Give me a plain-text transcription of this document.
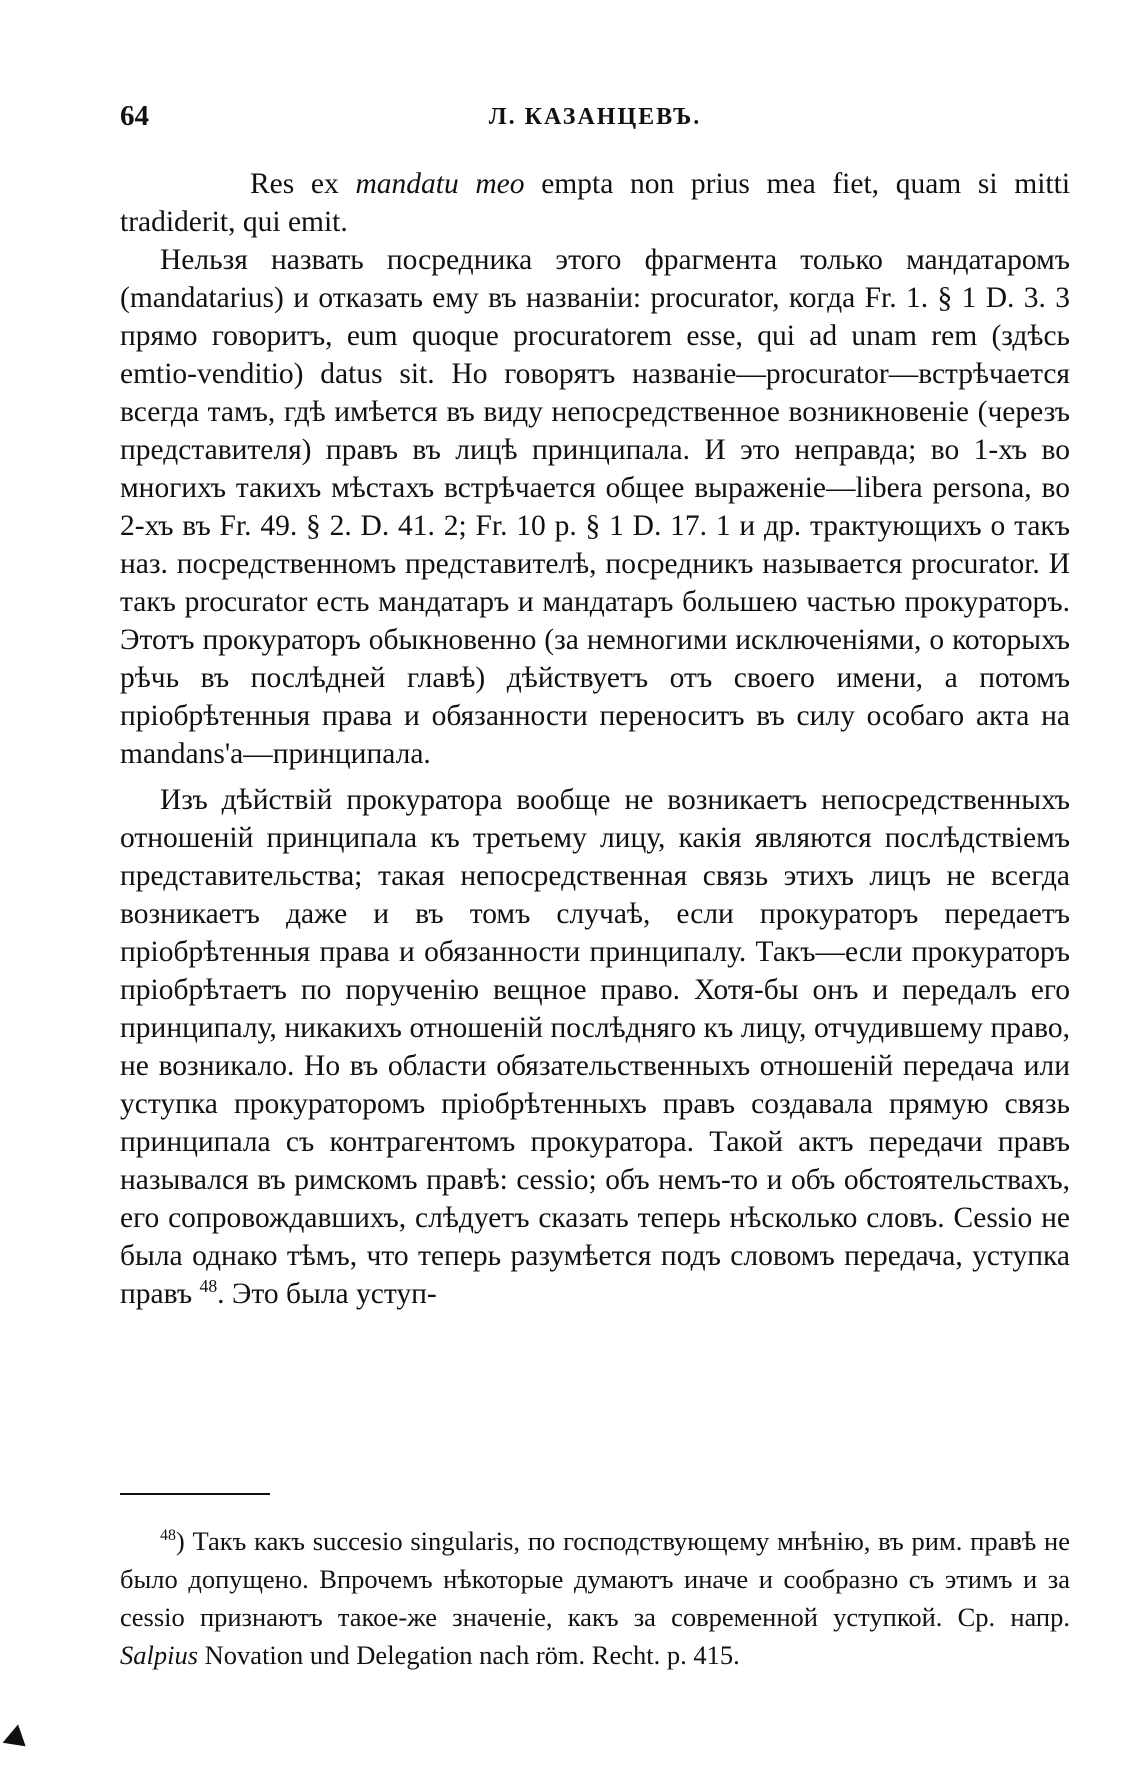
64	Л. КАЗАНЦЕВЪ.

Res ex mandatu meo empta non prius mea fiet, quam si mitti tradiderit, qui emit.

Нельзя назвать посредника этого фрагмента только мандатаромъ (mandatarius) и отказать ему въ названіи: procurator, когда Fr. 1. § 1 D. 3. 3 прямо говоритъ, eum quoque procuratorem esse, qui ad unam rem (здѣсь emtio-venditio) datus sit. Но говорятъ названіе—procurator—встрѣчается всегда тамъ, гдѣ имѣется въ виду непосредственное возникновеніе (черезъ представителя) правъ въ лицѣ принципала. И это неправда; во 1-хъ во многихъ такихъ мѣстахъ встрѣчается общее выраженіе—libera persona, во 2-хъ въ Fr. 49. § 2. D. 41. 2; Fr. 10 p. § 1 D. 17. 1 и др. трактующихъ о такъ наз. посредственномъ представителѣ, посредникъ называется procurator. И такъ procurator есть мандатаръ и мандатаръ большею частью прокураторъ. Этотъ прокураторъ обыкновенно (за немногими исключеніями, о которыхъ рѣчь въ послѣдней главѣ) дѣйствуетъ отъ своего имени, а потомъ пріобрѣтенныя права и обязанности переноситъ въ силу особаго акта на mandans'а—принципала.

Изъ дѣйствій прокуратора вообще не возникаетъ непосредственныхъ отношеній принципала къ третьему лицу, какія являются послѣдствіемъ представительства; такая непосредственная связь этихъ лицъ не всегда возникаетъ даже и въ томъ случаѣ, если прокураторъ передаетъ пріобрѣтенныя права и обязанности принципалу. Такъ—если прокураторъ пріобрѣтаетъ по порученію вещное право. Хотя-бы онъ и передалъ его принципалу, никакихъ отношеній послѣдняго къ лицу, отчудившему право, не возникало. Но въ области обязательственныхъ отношеній передача или уступка прокураторомъ пріобрѣтенныхъ правъ создавала прямую связь принципала съ контрагентомъ прокуратора. Такой актъ передачи правъ назывался въ римскомъ правѣ: cessio; объ немъ-то и объ обстоятельствахъ, его сопровождавшихъ, слѣдуетъ сказать теперь нѣсколько словъ. Cessio не была однако тѣмъ, что теперь разумѣется подъ словомъ передача, уступка правъ $^{48}$. Это была уступ-

$^{48}$) Такъ какъ succesio singularis, по господствующему мнѣнію, въ рим. правѣ не было допущено. Впрочемъ нѣкоторые думаютъ иначе и сообразно съ этимъ и за cessio признаютъ такое-же значеніе, какъ за современной уступкой. Ср. напр. Salpius Novation und Delegation nach röm. Recht. p. 415.
